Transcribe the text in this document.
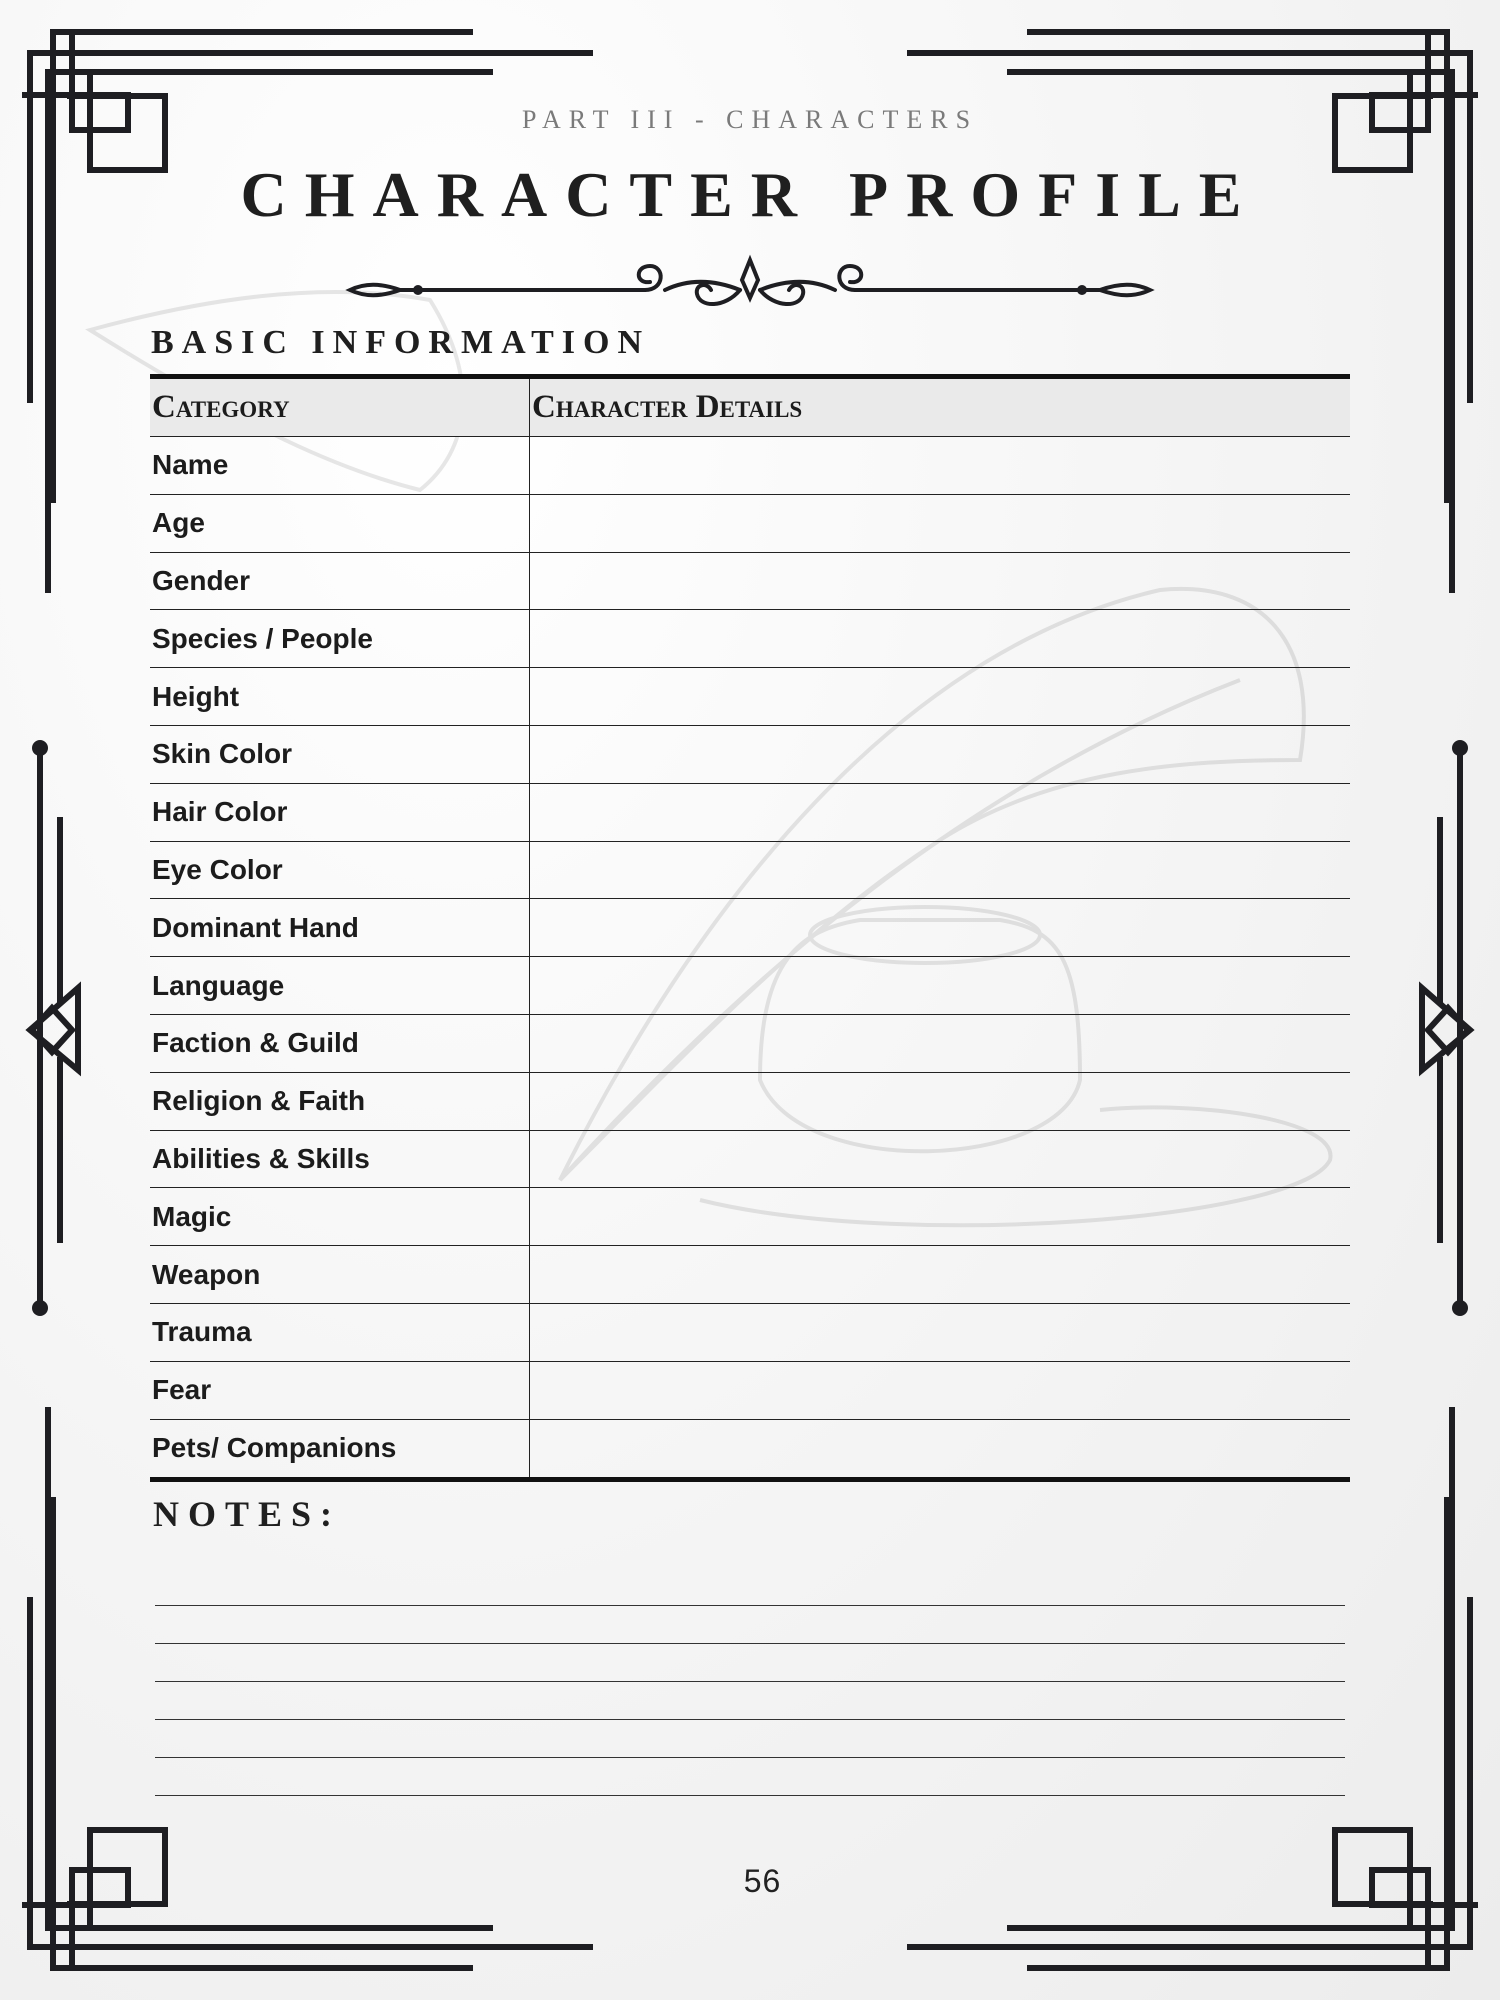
PART III - CHARACTERS
CHARACTER PROFILE
BASIC INFORMATION
Category	Character Details
Name
Age
Gender
Species / People
Height
Skin Color
Hair Color
Eye Color
Dominant Hand
Language
Faction & Guild
Religion & Faith
Abilities & Skills
Magic
Weapon
Trauma
Fear
Pets/ Companions
NOTES:
56
